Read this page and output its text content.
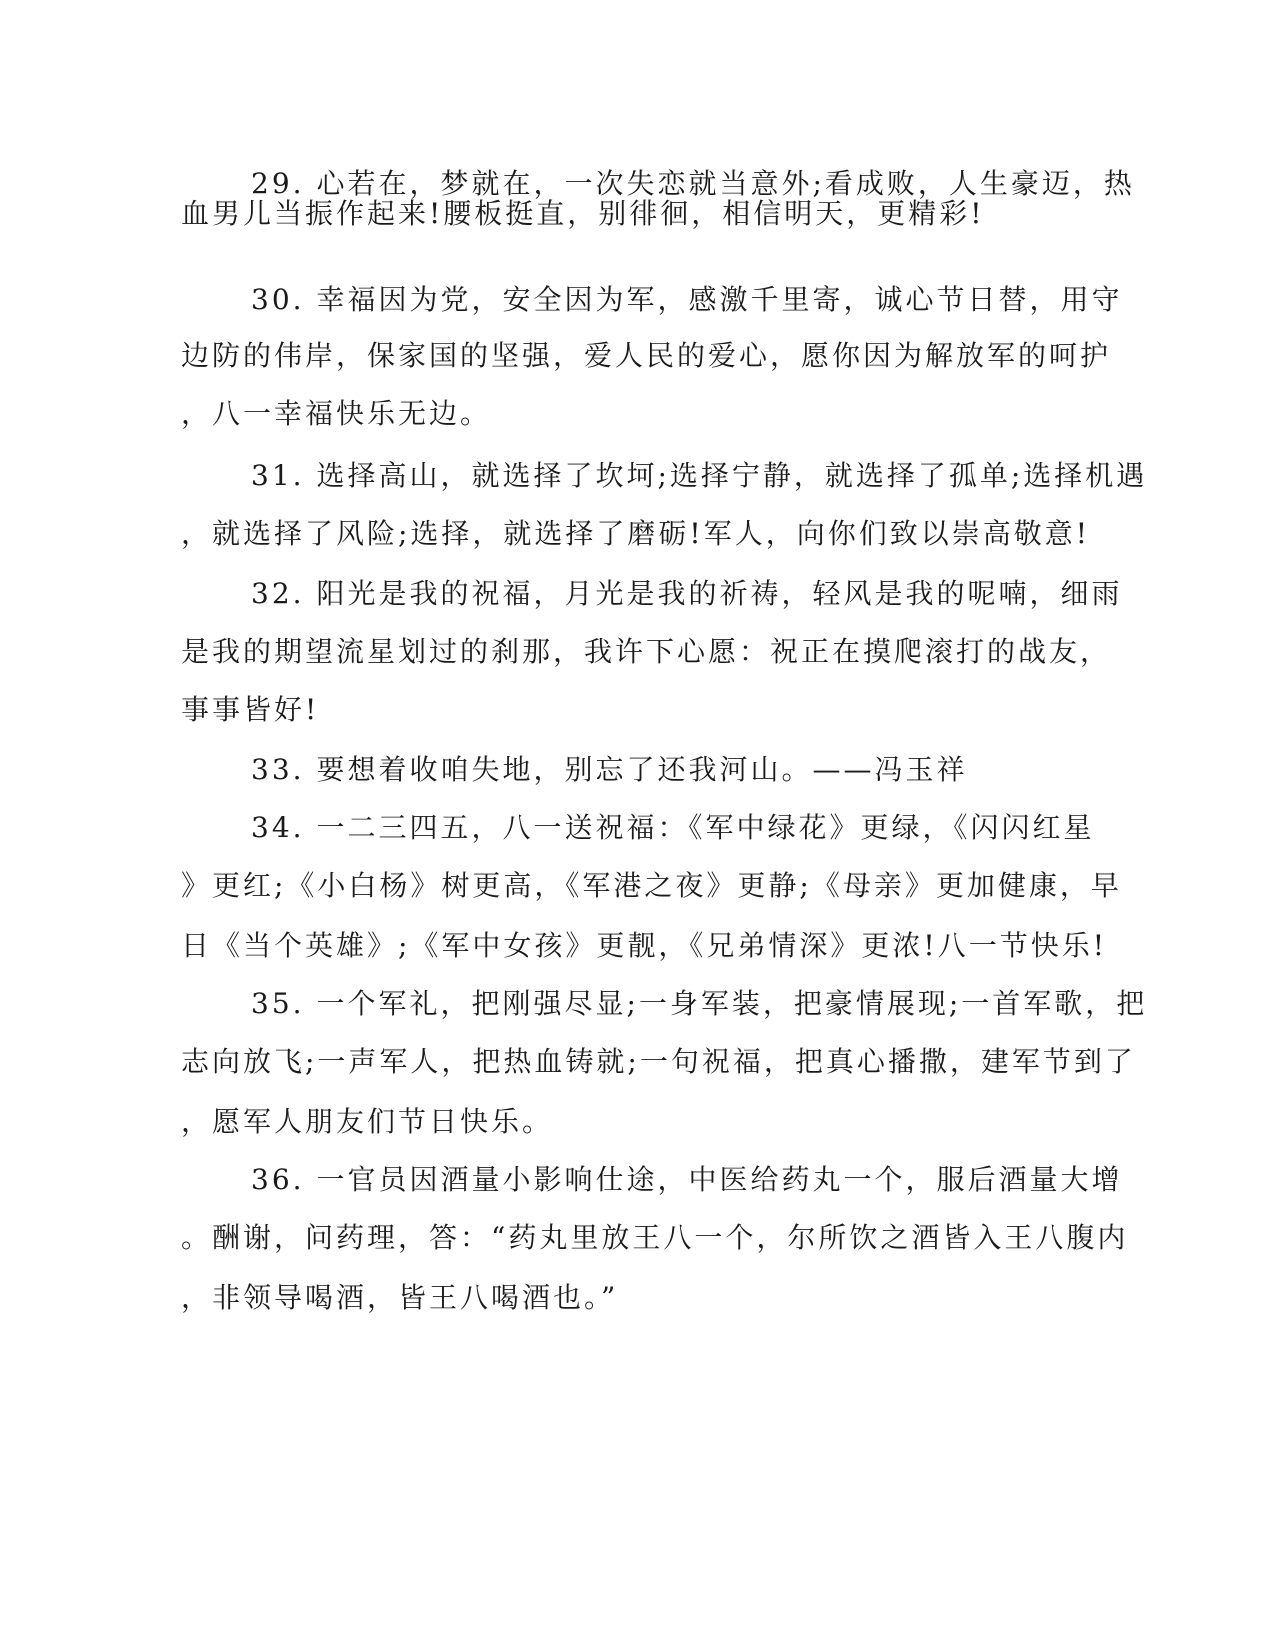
29. 心若在，梦就在，一次失恋就当意外;看成败，人生豪迈，热
血男儿当振作起来!腰板挺直，别徘徊，相信明天，更精彩!
30. 幸福因为党，安全因为军，感激千里寄，诚心节日替，用守
边防的伟岸，保家国的坚强，爱人民的爱心，愿你因为解放军的呵护
，八一幸福快乐无边。
31. 选择高山，就选择了坎坷;选择宁静，就选择了孤单;选择机遇
，就选择了风险;选择，就选择了磨砺!军人，向你们致以崇高敬意!
32. 阳光是我的祝福，月光是我的祈祷，轻风是我的呢喃，细雨
是我的期望流星划过的刹那，我许下心愿：祝正在摸爬滚打的战友，
事事皆好!
33. 要想着收咱失地，别忘了还我河山。——冯玉祥
34. 一二三四五，八一送祝福：《军中绿花》更绿，《闪闪红星
》更红;《小白杨》树更高，《军港之夜》更静;《母亲》更加健康，早
日《当个英雄》;《军中女孩》更靓，《兄弟情深》更浓!八一节快乐!
35. 一个军礼，把刚强尽显;一身军装，把豪情展现;一首军歌，把
志向放飞;一声军人，把热血铸就;一句祝福，把真心播撒，建军节到了
，愿军人朋友们节日快乐。
36. 一官员因酒量小影响仕途，中医给药丸一个，服后酒量大增
。酬谢，问药理，答：“药丸里放王八一个，尔所饮之酒皆入王八腹内
，非领导喝酒，皆王八喝酒也。”
